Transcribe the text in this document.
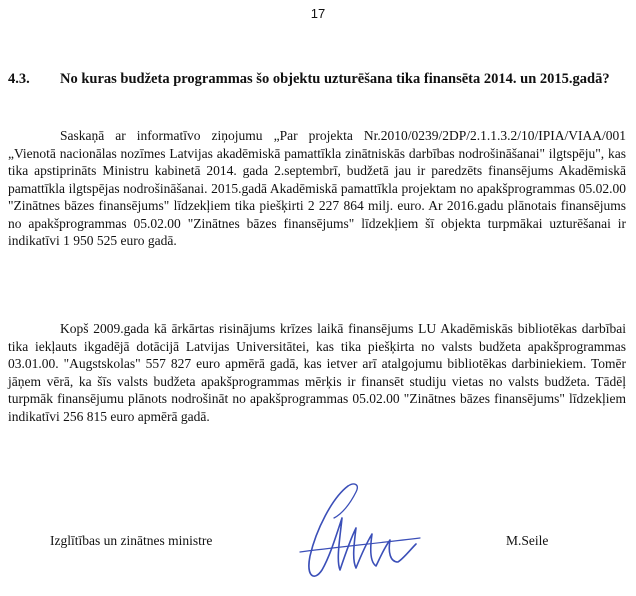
17
4.3. No kuras budžeta programmas šo objektu uzturēšana tika finansēta 2014. un 2015.gadā?
Saskaņā ar informatīvo ziņojumu „Par projekta Nr.2010/0239/2DP/2.1.1.3.2/10/IPIA/VIAA/001 „Vienotā nacionālas nozīmes Latvijas akadēmiskā pamattīkla zinātniskās darbības nodrošināšanai" ilgtspēju", kas tika apstiprināts Ministru kabinetā 2014. gada 2.septembrī, budžetā jau ir paredzēts finansējums Akadēmiskā pamattīkla ilgtspējas nodrošināšanai. 2015.gadā Akadēmiskā pamattīkla projektam no apakšprogrammas 05.02.00 "Zinātnes bāzes finansējums" līdzekļiem tika piešķirti 2 227 864 milj. euro. Ar 2016.gadu plānotais finansējums no apakšprogrammas 05.02.00 "Zinātnes bāzes finansējums" līdzekļiem šī objekta turpmākai uzturēšanai ir indikatīvi 1 950 525 euro gadā.
Kopš 2009.gada kā ārkārtas risinājums krīzes laikā finansējums LU Akadēmiskās bibliotēkas darbībai tika iekļauts ikgadējā dotācijā Latvijas Universitātei, kas tika piešķirta no valsts budžeta apakšprogrammas 03.01.00. "Augstskolas" 557 827 euro apmērā gadā, kas ietver arī atalgojumu bibliotēkas darbiniekiem. Tomēr jāņem vērā, ka šīs valsts budžeta apakšprogrammas mērķis ir finansēt studiju vietas no valsts budžeta. Tādēļ turpmāk finansējumu plānots nodrošināt no apakšprogrammas 05.02.00 "Zinātnes bāzes finansējums" līdzekļiem indikatīvi 256 815 euro apmērā gadā.
Izglītības un zinātnes ministre	M.Seile
